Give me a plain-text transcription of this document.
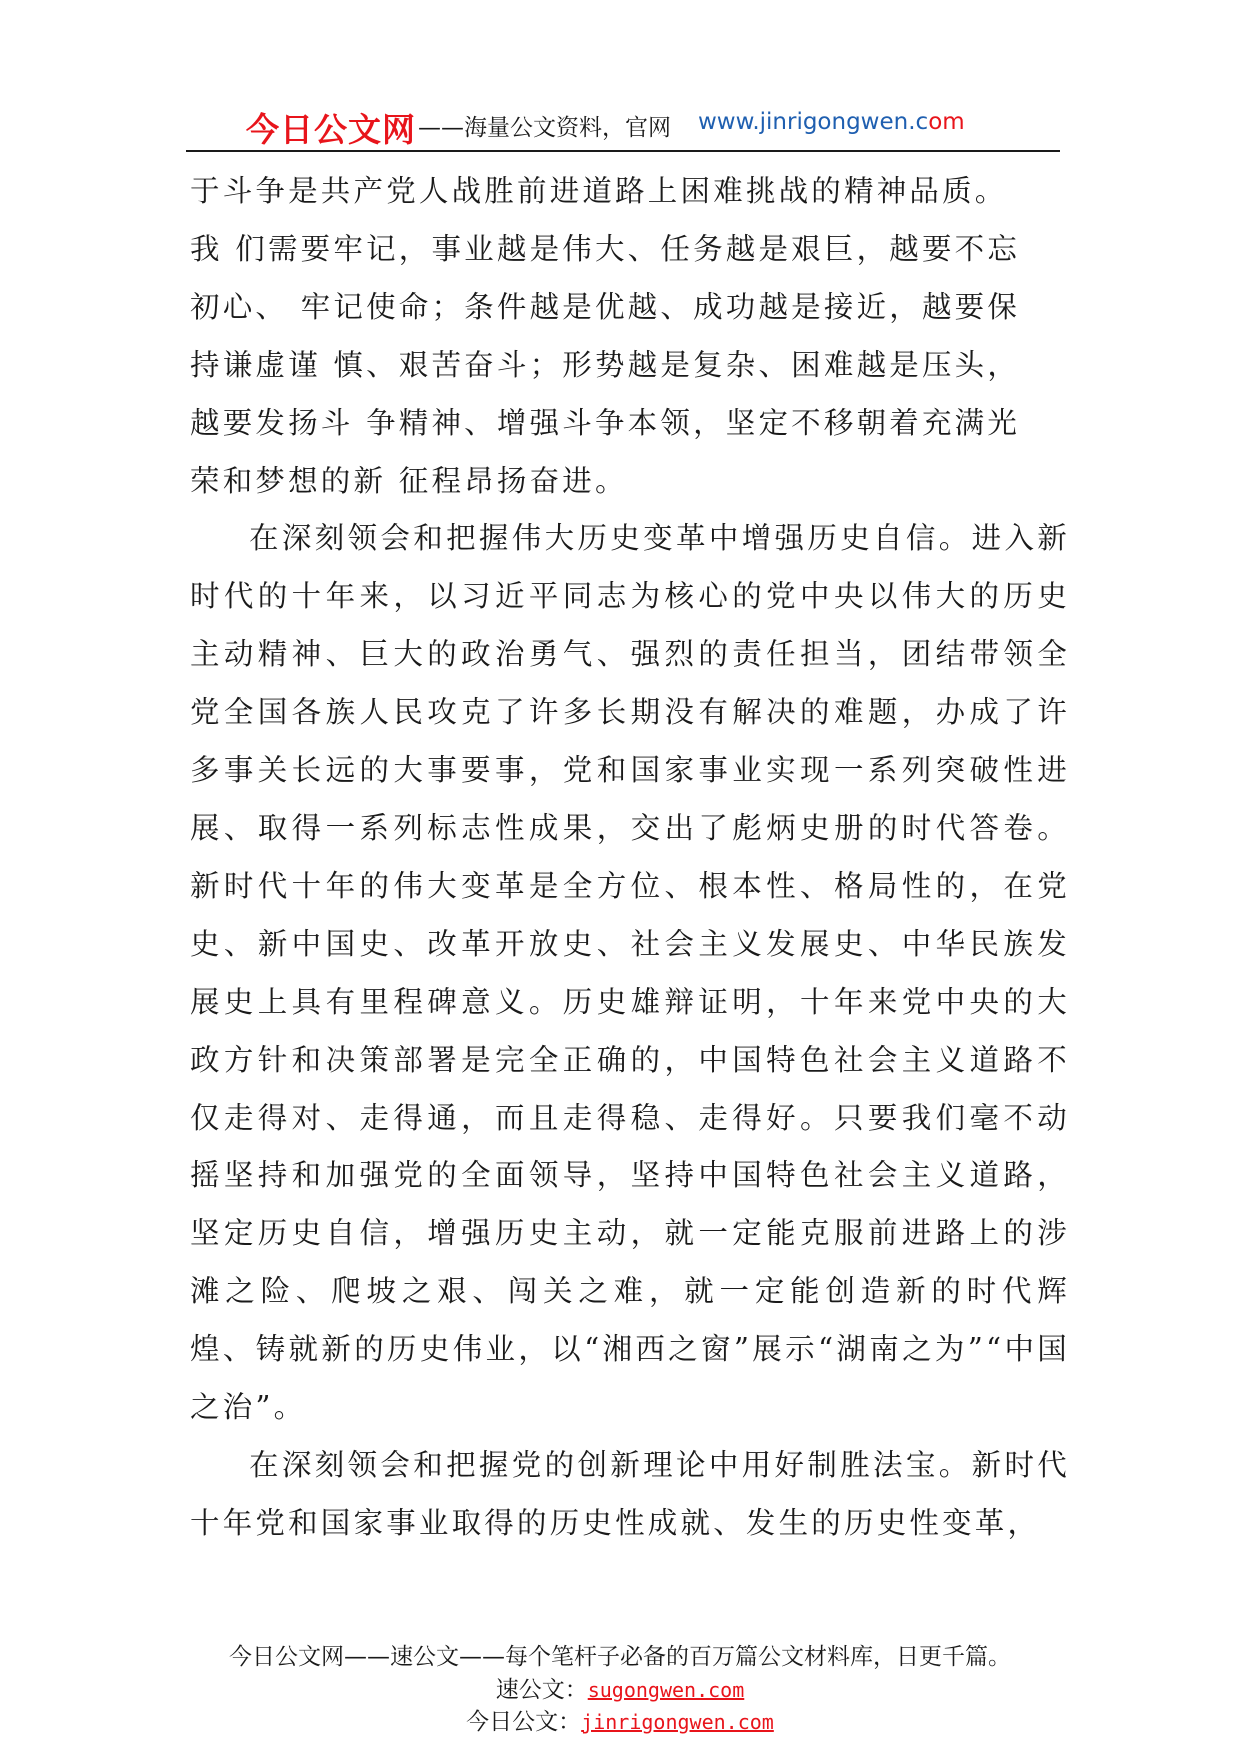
今日公文网 ——海量公文资料，官网 www.jinrigongwen.com

于斗争是共产党人战胜前进道路上困难挑战的精神品质。
我 们需要牢记，事业越是伟大、任务越是艰巨，越要不忘
初心、 牢记使命；条件越是优越、成功越是接近，越要保
持谦虚谨 慎、艰苦奋斗；形势越是复杂、困难越是压头，
越要发扬斗 争精神、增强斗争本领，坚定不移朝着充满光
荣和梦想的新 征程昂扬奋进。

在深刻领会和把握伟大历史变革中增强历史自信。进入新时代的十年来，以习近平同志为核心的党中央以伟大的历史主动精神、巨大的政治勇气、强烈的责任担当，团结带领全党全国各族人民攻克了许多长期没有解决的难题，办成了许多事关长远的大事要事，党和国家事业实现一系列突破性进展、取得一系列标志性成果，交出了彪炳史册的时代答卷。新时代十年的伟大变革是全方位、根本性、格局性的，在党史、新中国史、改革开放史、社会主义发展史、中华民族发展史上具有里程碑意义。历史雄辩证明，十年来党中央的大政方针和决策部署是完全正确的，中国特色社会主义道路不仅走得对、走得通，而且走得稳、走得好。只要我们毫不动摇坚持和加强党的全面领导，坚持中国特色社会主义道路，坚定历史自信，增强历史主动，就一定能克服前进路上的涉滩之险、爬坡之艰、闯关之难，就一定能创造新的时代辉煌、铸就新的历史伟业，以“湘西之窗”展示“湖南之为”“中国之治”。

在深刻领会和把握党的创新理论中用好制胜法宝。新时代十年党和国家事业取得的历史性成就、发生的历史性变革，

今日公文网——速公文——每个笔杆子必备的百万篇公文材料库，日更千篇。
速公文：sugongwen.com
今日公文：jinrigongwen.com
